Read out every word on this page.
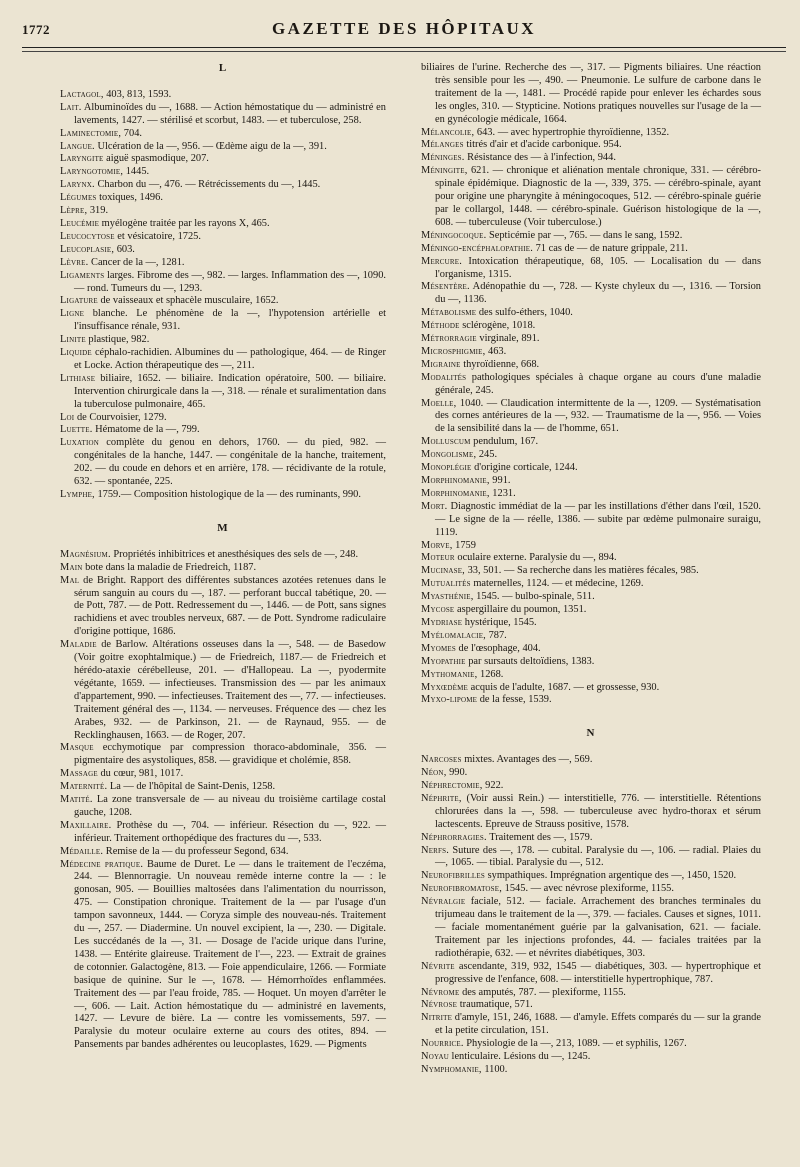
1772	GAZETTE DES HÔPITAUX
L

Lactagol, 403, 813, 1593.

Lait. Albuminoïdes du —, 1688. — Action hémostatique du — administré en lavements, 1427. — stérilisé et scorbut, 1483. — et tuberculose, 258.

Laminectomie, 704.

Langue. Ulcération de la —, 956. — Œdème aigu de la —, 391.

Laryngite aiguë spasmodique, 207.

Laryngotomie, 1445.

Larynx. Charbon du —, 476. — Rétrécissements du —, 1445.

Légumes toxiques, 1496.

Lèpre, 319.

Leucémie myélogène traitée par les rayons X, 465.

Leucocytose et vésicatoire, 1725.

Leucoplasie, 603.

Lèvre. Cancer de la —, 1281.

Ligaments larges. Fibrome des —, 982. — larges. Inflammation des —, 1090. — rond. Tumeurs du —, 1293.

Ligature de vaisseaux et sphacèle musculaire, 1652.

Ligne blanche. Le phénomène de la —, l'hypotension artérielle et l'insuffisance rénale, 931.

Linite plastique, 982.

Liquide céphalo-rachidien. Albumines du — pathologique, 464. — de Ringer et Locke. Action thérapeutique des —, 211.

Lithiase biliaire, 1652. — biliaire. Indication opératoire, 500. — biliaire. Intervention chirurgicale dans la —, 318. — rénale et suralimentation dans la tuberculose pulmonaire, 465.

Loi de Courvoisier, 1279.

Luette. Hématome de la —, 799.

Luxation complète du genou en dehors, 1760. — du pied, 982. — congénitales de la hanche, 1447. — congénitale de la hanche, traitement, 202. — du coude en dehors et en arrière, 178. — récidivante de la rotule, 632. — spontanée, 225.

Lymphe, 1759.— Composition histologique de la — des ruminants, 990.

M

Magnésium. Propriétés inhibitrices et anesthésiques des sels de —, 248.

Main bote dans la maladie de Friedreich, 1187.

Mal de Bright. Rapport des différentes substances azotées retenues dans le sérum sanguin au cours du —, 187. — perforant buccal tabétique, 20. — de Pott, 787. — de Pott. Redressement du —, 1446. — de Pott, sans signes rachidiens et avec troubles nerveux, 687. — de Pott. Syndrome radiculaire d'origine pottique, 1686.

Maladie de Barlow. Altérations osseuses dans la —, 548. — de Basedow (Voir goitre exophtalmique.) — de Friedreich, 1187.— de Friedreich et hérédo-ataxie cérébelleuse, 201. — d'Hallopeau. La —, pyodermite végétante, 1659. — infectieuses. Transmission des — par les animaux d'appartement, 990. — infectieuses. Traitement des —, 77. — infectieuses. Traitement général des —, 1134. — nerveuses. Fréquence des — chez les Arabes, 932. — de Parkinson, 21. — de Raynaud, 955. — de Recklinghausen, 1663. — de Roger, 207.

Masque ecchymotique par compression thoraco-abdominale, 356. — pigmentaire des asystoliques, 858. — gravidique et cholémie, 858.

Massage du cœur, 981, 1017.

Maternité. La — de l'hôpital de Saint-Denis, 1258.

Matité. La zone transversale de — au niveau du troisième cartilage costal gauche, 1208.

Maxillaire. Prothèse du —, 704. — inférieur. Résection du —, 922. — inférieur. Traitement orthopédique des fractures du —, 533.

Médaille. Remise de la — du professeur Segond, 634.

Médecine pratique. Baume de Duret. Le — dans le traitement de l'eczéma, 244. — Blennorragie. Un nouveau remède interne contre la — : le gonosan, 905. — Bouillies maltosées dans l'alimentation du nourrisson, 475. — Constipation chronique. Traitement de la — par l'usage d'un tampon savonneux, 1444. — Coryza simple des nouveau-nés. Traitement du —, 257. — Diadermine. Un nouvel excipient, la —, 230. — Digitale. Les succédanés de la —, 31. — Dosage de l'acide urique dans l'urine, 1438. — Entérite glaireuse. Traitement de l'—, 223. — Extrait de graines de cotonnier. Galactogène, 813. — Foie appendiculaire, 1266. — Formiate basique de quinine. Sur le —, 1678. — Hémorrhoïdes enflammées. Traitement des — par l'eau froide, 785. — Hoquet. Un moyen d'arrêter le —, 606. — Lait. Action hémostatique du — administré en lavements, 1427. — Levure de bière. La — contre les vomissements, 597. — Paralysie du moteur oculaire externe au cours des otites, 894. — Pansements par bandes adhérentes ou leucoplastes, 1629. — Pigments

biliaires de l'urine. Recherche des —, 317. — Pigments biliaires. Une réaction très sensible pour les —, 490. — Pneumonie. Le sulfure de carbone dans le traitement de la —, 1481. — Procédé rapide pour enlever les échardes sous les ongles, 310. — Stypticine. Notions pratiques nouvelles sur l'usage de la — en gynécologie médicale, 1664.

Mélancolie, 643. — avec hypertrophie thyroïdienne, 1352.

Mélanges titrés d'air et d'acide carbonique. 954.

Méninges. Résistance des — à l'infection, 944.

Méningite, 621. — chronique et aliénation mentale chronique, 331. — cérébro-spinale épidémique. Diagnostic de la —, 339, 375. — cérébro-spinale, ayant pour origine une pharyngite à méningocoques, 512. — cérébro-spinale guérie par le collargol, 1448. — cérébro-spinale. Guérison histologique de la —, 608. — tuberculeuse (Voir tuberculose.)

Méningocoque. Septicémie par —, 765. — dans le sang, 1592.

Méningo-encéphalopathie. 71 cas de — de nature grippale, 211.

Mercure. Intoxication thérapeutique, 68, 105. — Localisation du — dans l'organisme, 1315.

Mésentère. Adénopathie du —, 728. — Kyste chyleux du —, 1316. — Torsion du —, 1136.

Métabolisme des sulfo-éthers, 1040.

Méthode sclérogène, 1018.

Métrorragie virginale, 891.

Microsphigmie, 463.

Migraine thyroïdienne, 668.

Modalités pathologiques spéciales à chaque organe au cours d'une maladie générale, 245.

Moelle, 1040. — Claudication intermittente de la —, 1209. — Systématisation des cornes antérieures de la —, 932. — Traumatisme de la —, 956. — Voies de la sensibilité dans la — de l'homme, 651.

Molluscum pendulum, 167.

Mongolisme, 245.

Monoplégie d'origine corticale, 1244.

Morphinomanie, 991.

Morphinomanie, 1231.

Mort. Diagnostic immédiat de la — par les instillations d'éther dans l'œil, 1520. — Le signe de la — réelle, 1386. — subite par œdème pulmonaire suraigu, 1119.

Morve, 1759

Moteur oculaire externe. Paralysie du —, 894.

Mucinase, 33, 501. — Sa recherche dans les matières fécales, 985.

Mutualités maternelles, 1124. — et médecine, 1269.

Myasthénie, 1545. — bulbo-spinale, 511.

Mycose aspergillaire du poumon, 1351.

Mydriase hystérique, 1545.

Myélomalacie, 787.

Myomes de l'œsophage, 404.

Myopathie par sursauts deltoïdiens, 1383.

Mythomanie, 1268.

Myxœdème acquis de l'adulte, 1687. — et grossesse, 930.

Myxo-lipome de la fesse, 1539.

N

Narcoses mixtes. Avantages des —, 569.

Néon, 990.

Néphrectomie, 922.

Néphrite, (Voir aussi Rein.) — interstitielle, 776. — interstitielle. Rétentions chlorurées dans la —, 598. — tuberculeuse avec hydro-thorax et sérum lactescents. Epreuve de Strauss positive, 1578.

Néphrorragies. Traitement des —, 1579.

Nerfs. Suture des —, 178. — cubital. Paralysie du —, 106. — radial. Plaies du —, 1065. — tibial. Paralysie du —, 512.

Neurofibrilles sympathiques. Imprégnation argentique des —, 1450, 1520.

Neurofibromatose, 1545. — avec névrose plexiforme, 1155.

Névralgie faciale, 512. — faciale. Arrachement des branches terminales du trijumeau dans le traitement de la —, 379. — faciales. Causes et signes, 1011. — faciale momentanément guérie par la galvanisation, 621. — faciale. Traitement par les injections profondes, 44. — faciales traitées par la radiothérapie, 632. — et névrites diabétiques, 303.

Névrite ascendante, 319, 932, 1545 — diabétiques, 303. — hypertrophique et progressive de l'enfance, 608. — interstitielle hypertrophique, 787.

Névrome des amputés, 787. — plexiforme, 1155.

Névrose traumatique, 571.

Nitrite d'amyle, 151, 246, 1688. — d'amyle. Effets comparés du — sur la grande et la petite circulation, 151.

Nourrice. Physiologie de la —, 213, 1089. — et syphilis, 1267.

Noyau lenticulaire. Lésions du —, 1245.

Nymphomanie, 1100.
